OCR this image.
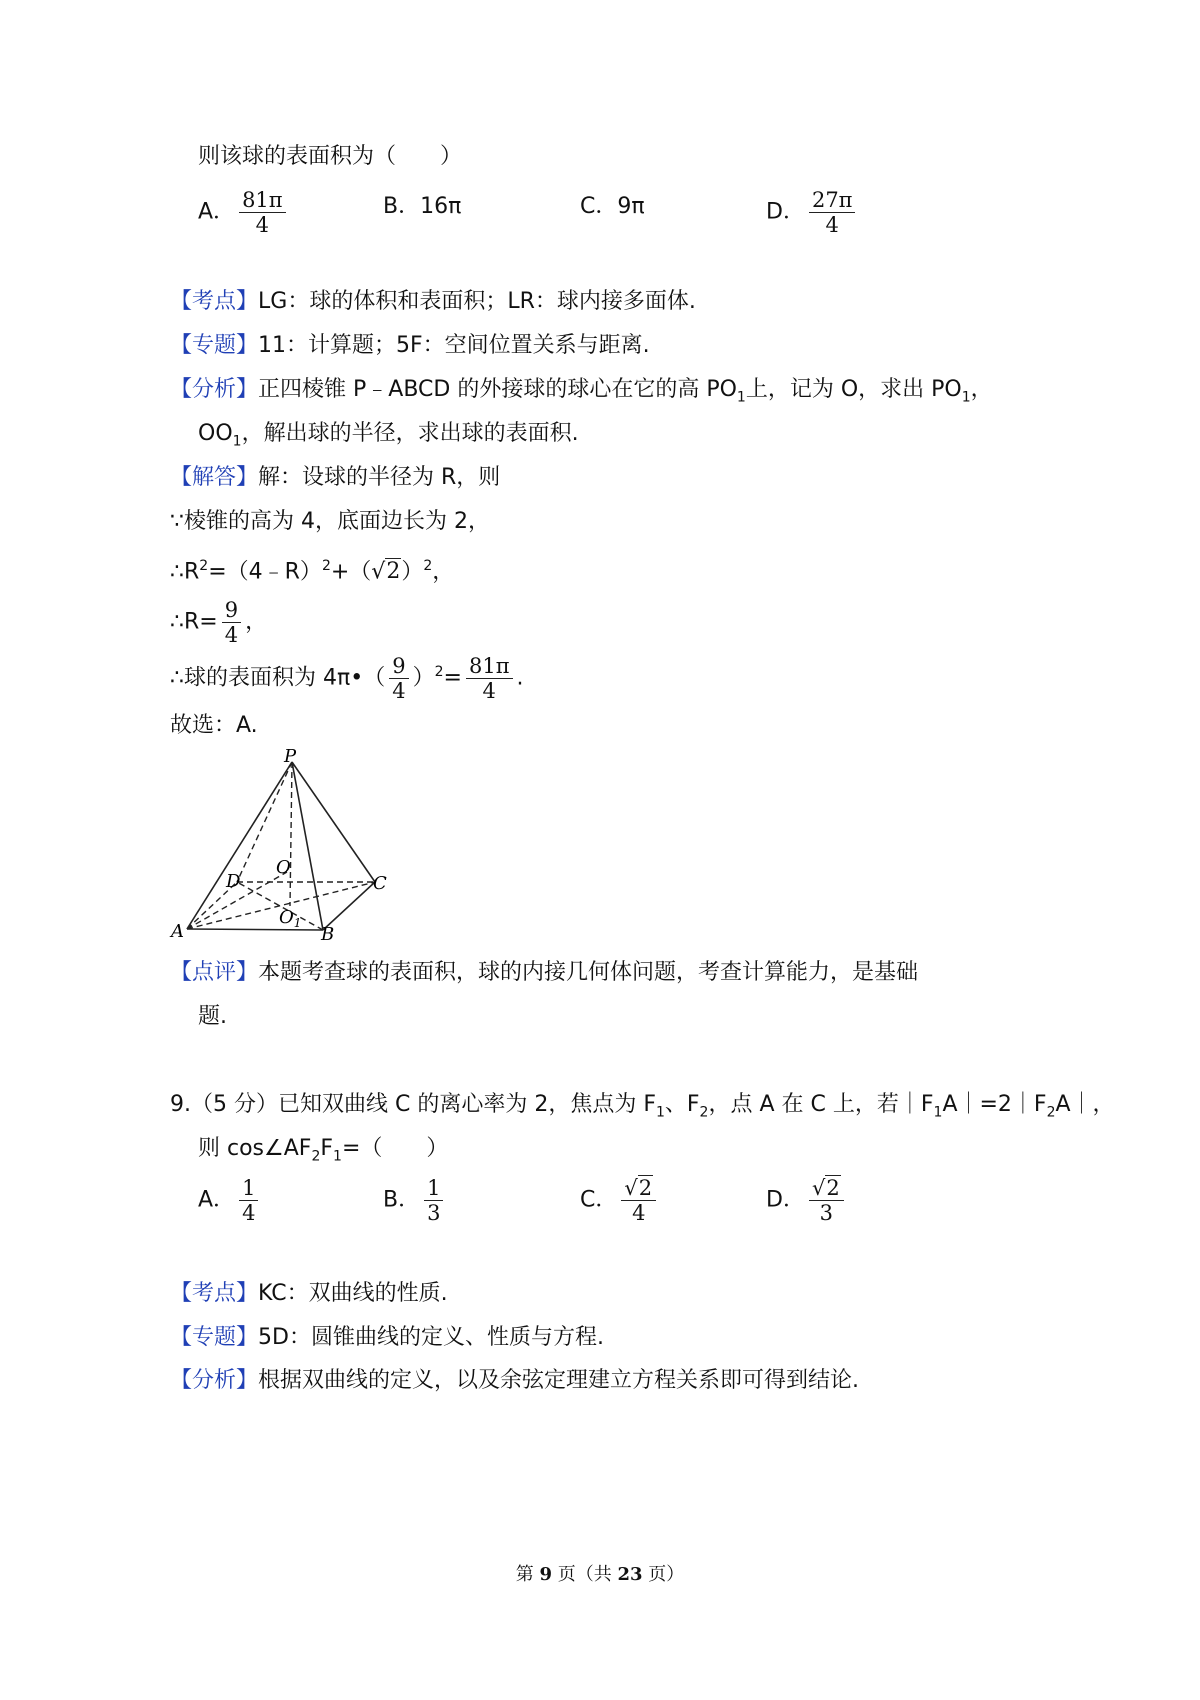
则该球的表面积为（　　）
A． $\frac{81\pi}{4}$	B．16π	C．9π	D． $\frac{27\pi}{4}$
【考点】LG：球的体积和表面积；LR：球内接多面体.
【专题】11：计算题；5F：空间位置关系与距离.
【分析】正四棱锥 P﹣ABCD 的外接球的球心在它的高 $PO_1$上，记为 O，求出 $PO_1$，
$OO_1$，解出球的半径，求出球的表面积.
【解答】解：设球的半径为 R，则
∵棱锥的高为 4，底面边长为 2，
$\therefore R^2=(4﹣R)^2+(√2)^2$，
∴R= $\frac{9}{4}$ ，
∴球的表面积为 4π•（ $\frac{9}{4} )^2= \frac{81\pi}{4}$ .
故选：A.
P
O
D	C
A	B
$O_1$
【点评】本题考查球的表面积，球的内接几何体问题，考查计算能力，是基础
题.
9.（5 分）已知双曲线 C 的离心率为 2，焦点为 $F_1$、$F_2$，点 A 在 C 上，若$|F_1A|=2|F_2A|$，
则 $\cos\angle AF_2F_1=$（　　）
A． $\frac{1}{4}$	B． $\frac{1}{3}$	C． $\frac{√2}{4}$	D． $\frac{√2}{3}$
【考点】KC：双曲线的性质.
【专题】5D：圆锥曲线的定义、性质与方程.
【分析】根据双曲线的定义，以及余弦定理建立方程关系即可得到结论.
第 9 页（共 23 页）
